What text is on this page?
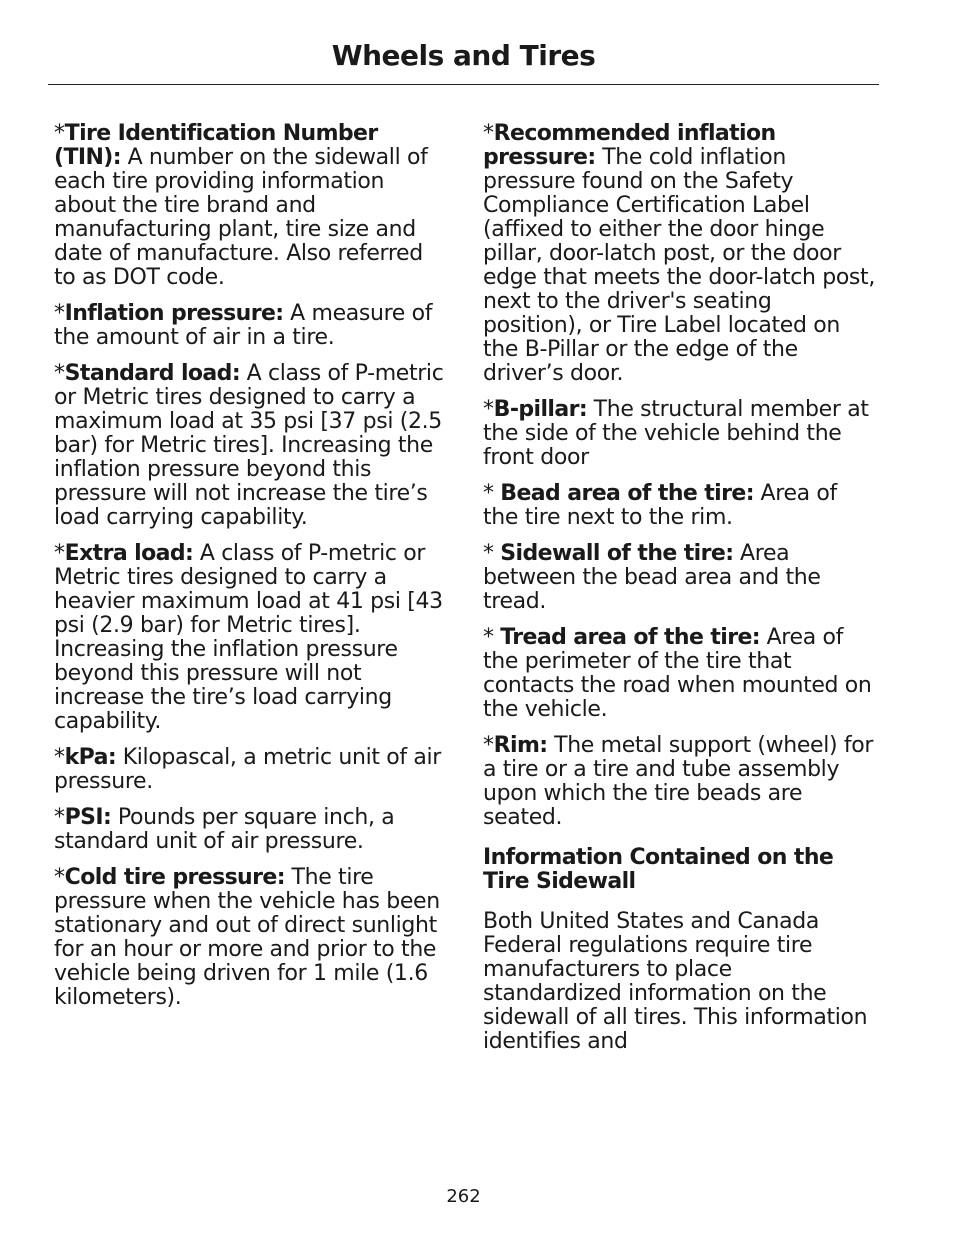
Wheels and Tires

*Tire Identification Number (TIN): A number on the sidewall of each tire providing information about the tire brand and manufacturing plant, tire size and date of manufacture. Also referred to as DOT code.

*Inflation pressure: A measure of the amount of air in a tire.

*Standard load: A class of P-metric or Metric tires designed to carry a maximum load at 35 psi [37 psi (2.5 bar) for Metric tires]. Increasing the inflation pressure beyond this pressure will not increase the tire’s load carrying capability.

*Extra load: A class of P-metric or Metric tires designed to carry a heavier maximum load at 41 psi [43 psi (2.9 bar) for Metric tires]. Increasing the inflation pressure beyond this pressure will not increase the tire’s load carrying capability.

*kPa: Kilopascal, a metric unit of air pressure.

*PSI: Pounds per square inch, a standard unit of air pressure.

*Cold tire pressure: The tire pressure when the vehicle has been stationary and out of direct sunlight for an hour or more and prior to the vehicle being driven for 1 mile (1.6 kilometers).

*Recommended inflation pressure: The cold inflation pressure found on the Safety Compliance Certification Label (affixed to either the door hinge pillar, door-latch post, or the door edge that meets the door-latch post, next to the driver's seating position), or Tire Label located on the B-Pillar or the edge of the driver’s door.

*B-pillar: The structural member at the side of the vehicle behind the front door

* Bead area of the tire: Area of the tire next to the rim.

* Sidewall of the tire: Area between the bead area and the tread.

* Tread area of the tire: Area of the perimeter of the tire that contacts the road when mounted on the vehicle.

*Rim: The metal support (wheel) for a tire or a tire and tube assembly upon which the tire beads are seated.

Information Contained on the Tire Sidewall

Both United States and Canada Federal regulations require tire manufacturers to place standardized information on the sidewall of all tires. This information identifies and

262
